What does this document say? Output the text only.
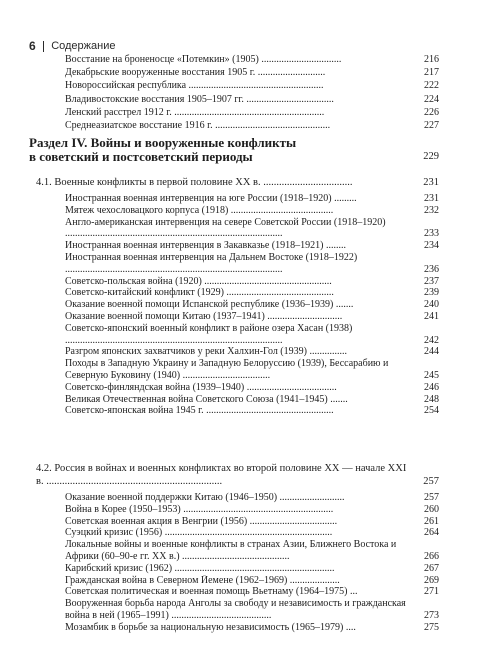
6 Содержание
Восстание на броненосце «Потемкин» (1905) ................................	216
Декабрьские вооруженные восстания 1905 г. ...........................	217
Новороссийская республика ......................................................	222
Владивостокские восстания 1905–1907 гг. ...................................	224
Ленский расстрел 1912 г. ............................................................	226
Среднеазиатское восстание 1916 г. ..............................................	227
Раздел IV. Войны и вооруженные конфликты
в советский и постсоветский периоды	229
4.1. Военные конфликты в первой половине XX в. ..................................	231
Иностранная военная интервенция на юге России (1918–1920) .........	231
Мятеж чехословацкого корпуса (1918) .........................................	232
Англо-американская интервенция на севере Советской России (1918–1920) .......................................................................................	233
Иностранная военная интервенция в Закавказье (1918–1921) ........	234
Иностранная военная интервенция на Дальнем Востоке (1918–1922) .......................................................................................	236
Советско-польская война (1920) ...................................................	237
Советско-китайский конфликт (1929) ...........................................	239
Оказание военной помощи Испанской республике (1936–1939) .......	240
Оказание военной помощи Китаю (1937–1941) ..............................	241
Советско-японский военный конфликт в районе озера Хасан (1938) .......................................................................................	242
Разгром японских захватчиков у реки Халхин-Гол (1939) ...............	244
Походы в Западную Украину и Западную Белоруссию (1939), Бессарабию и Северную Буковину (1940) ...................................	245
Советско-финляндская война (1939–1940) ....................................	246
Великая Отечественная война Советского Союза (1941–1945) .......	248
Советско-японская война 1945 г. ...................................................	254
4.2. Россия в войнах и военных конфликтах во второй половине XX — начале XXI в. ...................................................................	257
Оказание военной поддержки Китаю (1946–1950) ..........................	257
Война в Корее (1950–1953) ............................................................	260
Советская военная акция в Венгрии (1956) ...................................	261
Суэцкий кризис (1956) ...................................................................	264
Локальные войны и военные конфликты в странах Азии, Ближнего Востока и Африки (60–90-е гг. XX в.) ...........................................	266
Карибский кризис (1962) ................................................................	267
Гражданская война в Северном Йемене (1962–1969) ....................	269
Советская политическая и военная помощь Вьетнаму (1964–1975) ...	271
Вооруженная борьба народа Анголы за свободу и независимость и гражданская война в ней (1965–1991) ........................................	273
Мозамбик в борьбе за национальную независимость (1965–1979) ....	275
